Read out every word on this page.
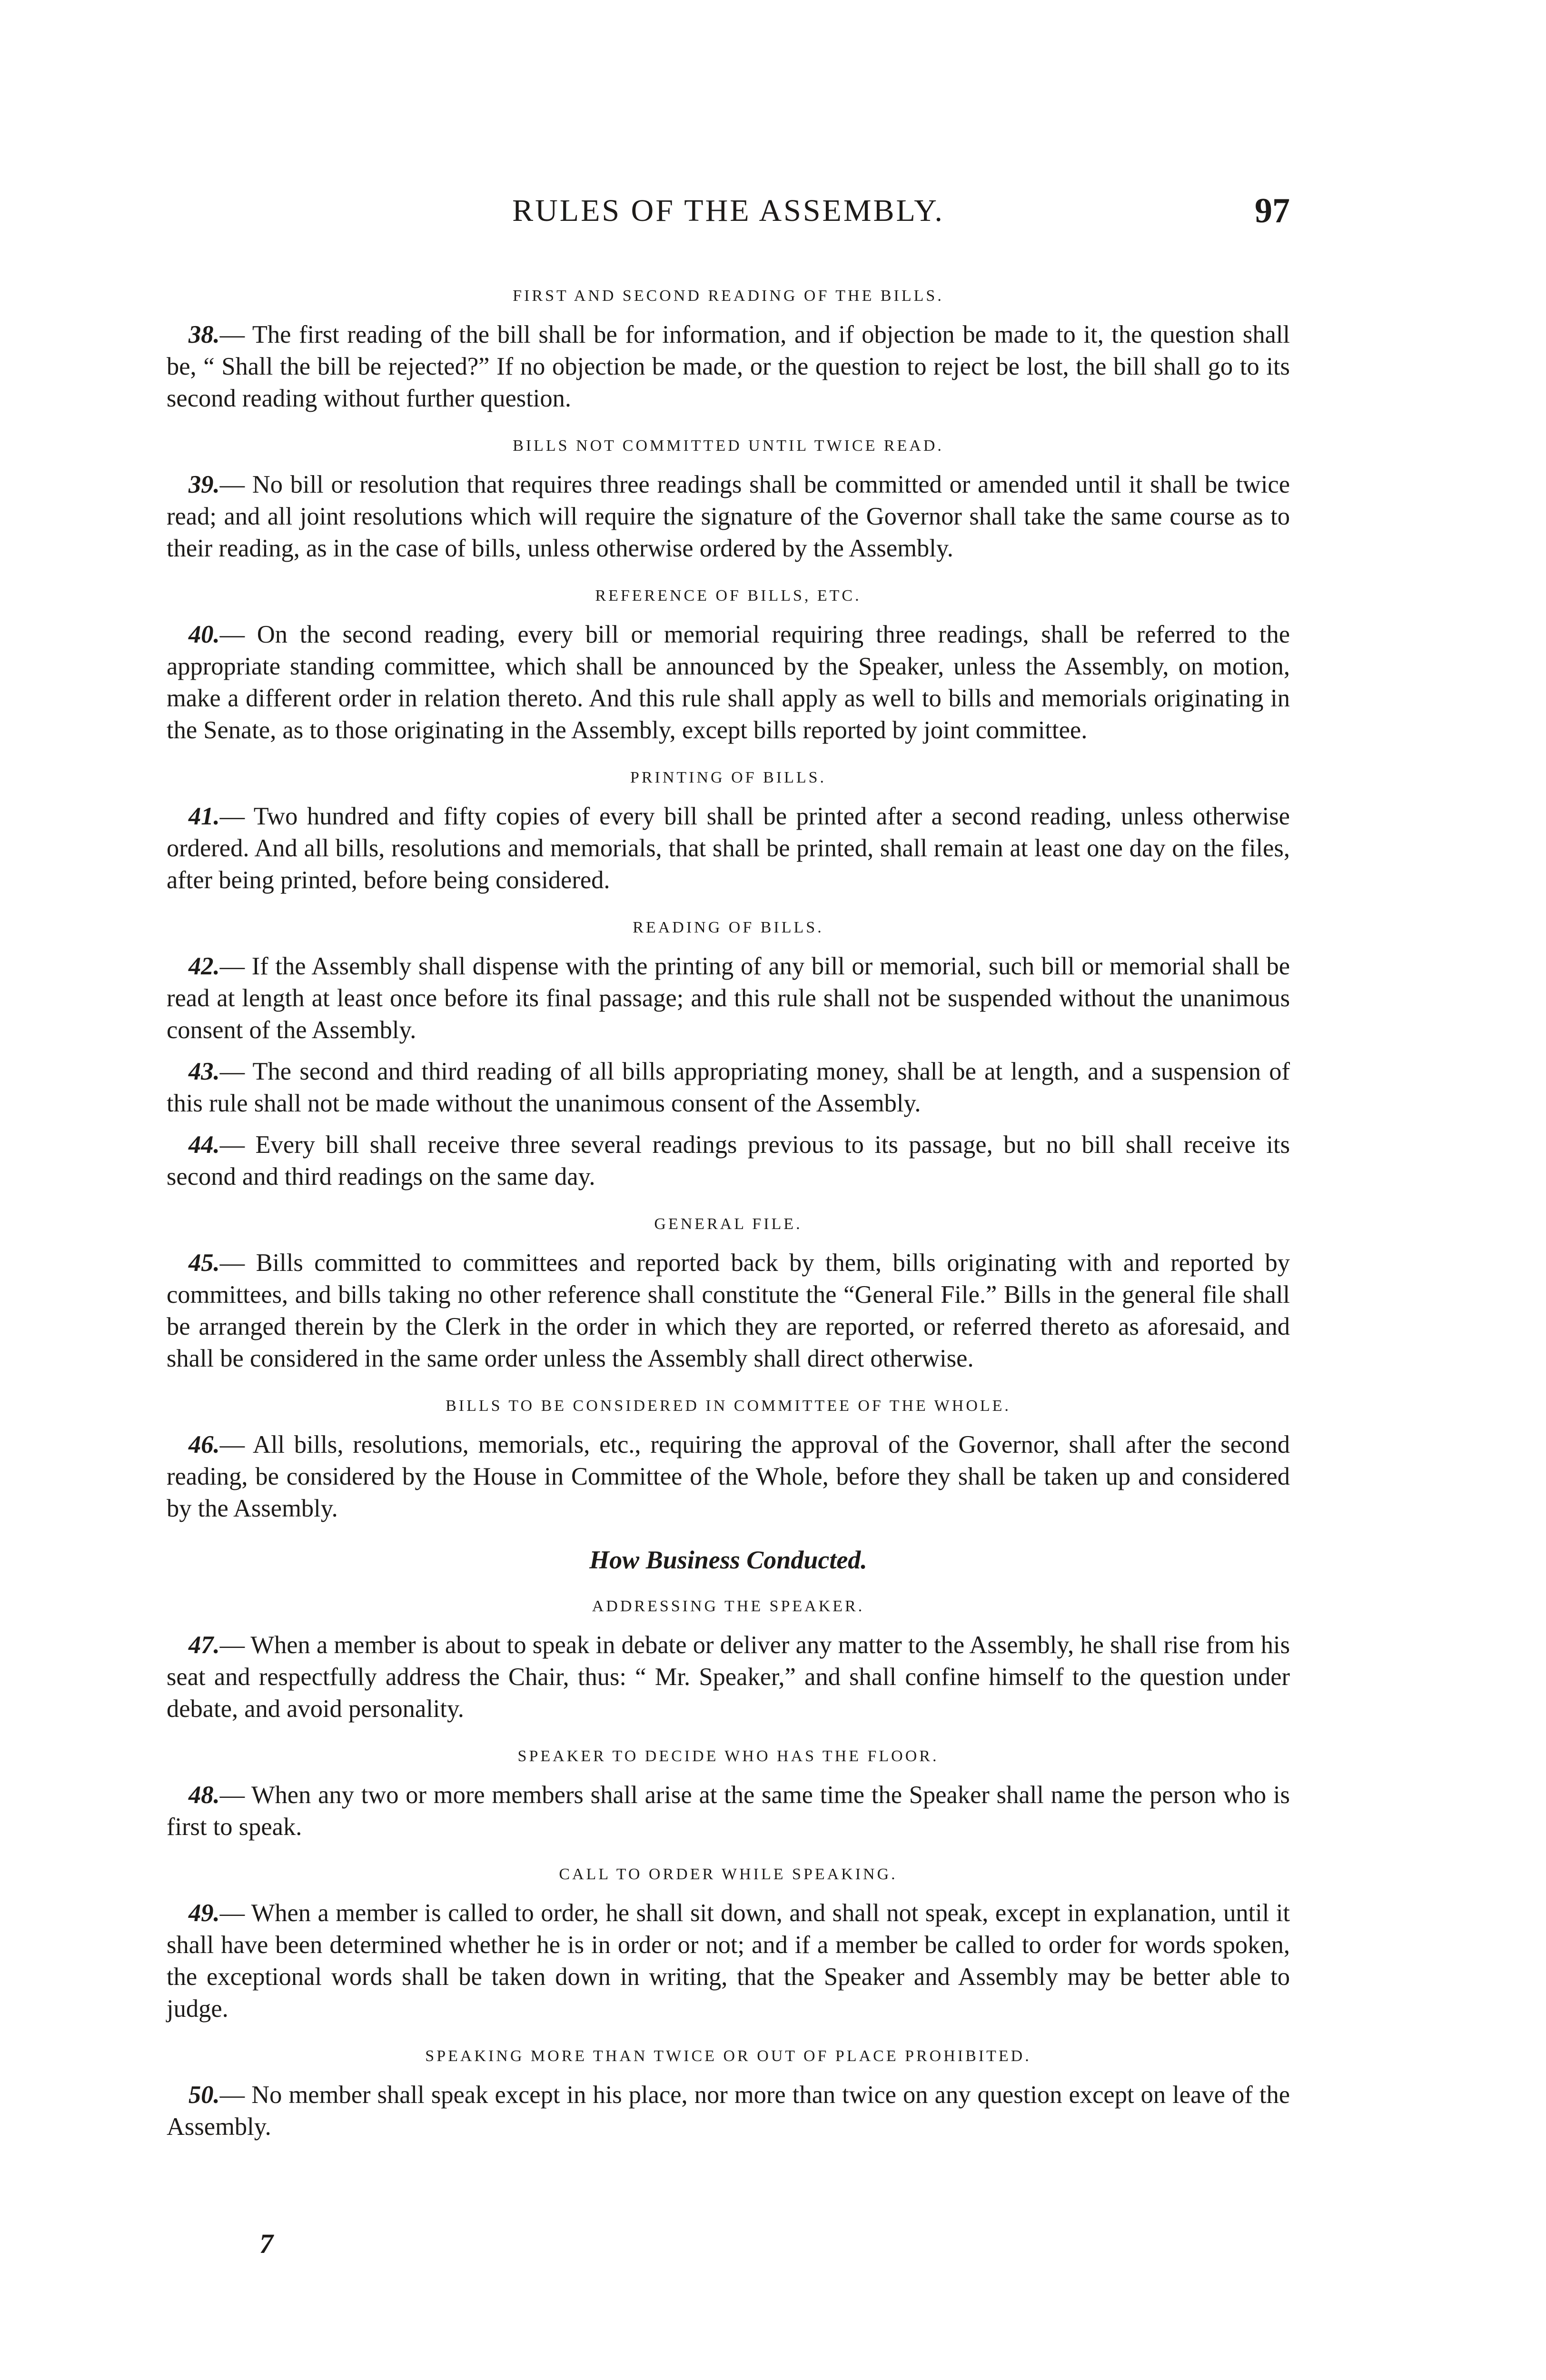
RULES OF THE ASSEMBLY.	97
FIRST AND SECOND READING OF THE BILLS.

38.— The first reading of the bill shall be for information, and if objection be made to it, the question shall be, “ Shall the bill be rejected?” If no objection be made, or the question to reject be lost, the bill shall go to its second reading without further question.

BILLS NOT COMMITTED UNTIL TWICE READ.

39.— No bill or resolution that requires three readings shall be committed or amended until it shall be twice read; and all joint resolutions which will require the signature of the Governor shall take the same course as to their reading, as in the case of bills, unless otherwise ordered by the Assembly.

REFERENCE OF BILLS, ETC.

40.— On the second reading, every bill or memorial requiring three readings, shall be referred to the appropriate standing committee, which shall be announced by the Speaker, unless the Assembly, on motion, make a different order in relation thereto. And this rule shall apply as well to bills and memorials originating in the Senate, as to those originating in the Assembly, except bills reported by joint committee.

PRINTING OF BILLS.

41.— Two hundred and fifty copies of every bill shall be printed after a second reading, unless otherwise ordered. And all bills, resolutions and memorials, that shall be printed, shall remain at least one day on the files, after being printed, before being considered.

READING OF BILLS.

42.— If the Assembly shall dispense with the printing of any bill or memorial, such bill or memorial shall be read at length at least once before its final passage; and this rule shall not be suspended without the unanimous consent of the Assembly.

43.— The second and third reading of all bills appropriating money, shall be at length, and a suspension of this rule shall not be made without the unanimous consent of the Assembly.

44.— Every bill shall receive three several readings previous to its passage, but no bill shall receive its second and third readings on the same day.

GENERAL FILE.

45.— Bills committed to committees and reported back by them, bills originating with and reported by committees, and bills taking no other reference shall constitute the “General File.” Bills in the general file shall be arranged therein by the Clerk in the order in which they are reported, or referred thereto as aforesaid, and shall be considered in the same order unless the Assembly shall direct otherwise.

BILLS TO BE CONSIDERED IN COMMITTEE OF THE WHOLE.

46.— All bills, resolutions, memorials, etc., requiring the approval of the Governor, shall after the second reading, be considered by the House in Committee of the Whole, before they shall be taken up and considered by the Assembly.

How Business Conducted.
ADDRESSING THE SPEAKER.

47.— When a member is about to speak in debate or deliver any matter to the Assembly, he shall rise from his seat and respectfully address the Chair, thus: “ Mr. Speaker,” and shall confine himself to the question under debate, and avoid personality.

SPEAKER TO DECIDE WHO HAS THE FLOOR.

48.— When any two or more members shall arise at the same time the Speaker shall name the person who is first to speak.

CALL TO ORDER WHILE SPEAKING.

49.— When a member is called to order, he shall sit down, and shall not speak, except in explanation, until it shall have been determined whether he is in order or not; and if a member be called to order for words spoken, the exceptional words shall be taken down in writing, that the Speaker and Assembly may be better able to judge.

SPEAKING MORE THAN TWICE OR OUT OF PLACE PROHIBITED.

50.— No member shall speak except in his place, nor more than twice on any question except on leave of the Assembly.

7
